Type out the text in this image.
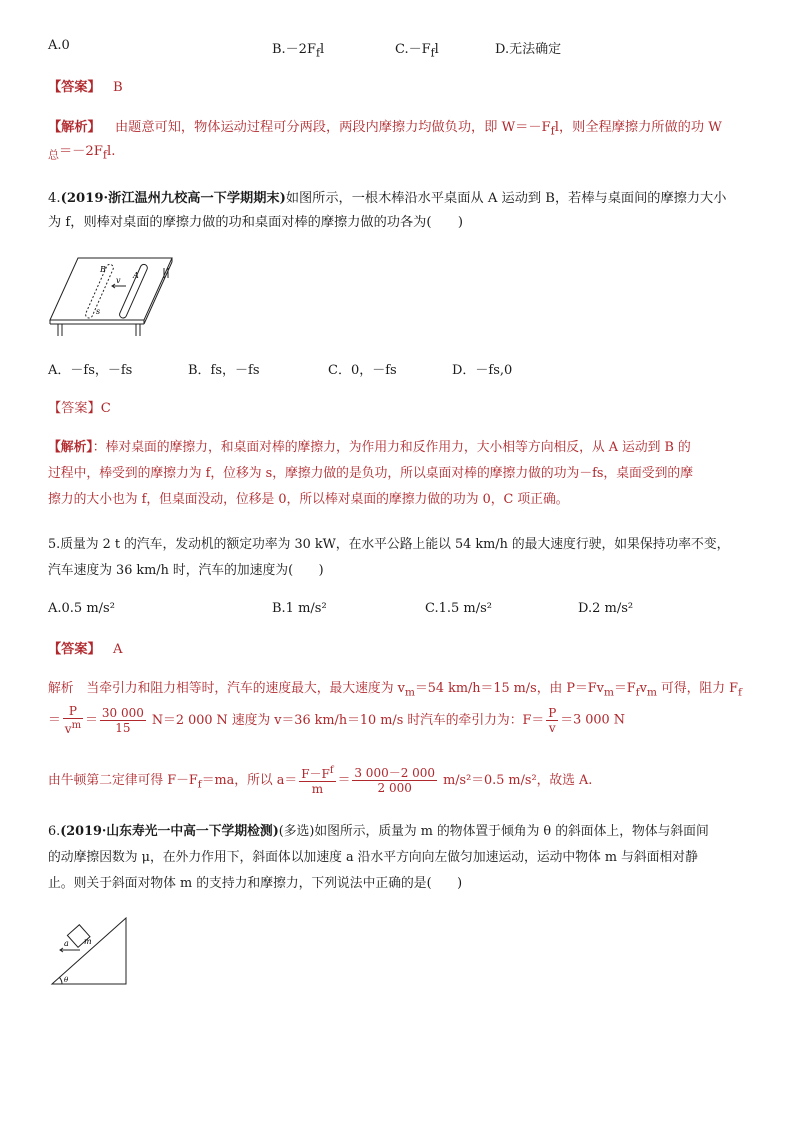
A.0	$B.-2F_fl$	$C.-F_fl$	D.无法确定
【答案】 B
【解析】 由题意可知，物体运动过程可分两段，两段内摩擦力均做负功，即 $W=-F_fl$，则全程摩擦力所做的功 W
$_总=-2F_fl$.
4.(2019·浙江温州九校高一下学期期末)如图所示，一根木棒沿水平桌面从 A 运动到 B，若棒与桌面间的摩擦力大小
为 f，则棒对桌面的摩擦力做的功和桌面对棒的摩擦力做的功各为(　　)
B
A
v
s
A．－fs，－fs	B．fs，－fs	C．0，－fs	D．－fs,0
【答案】C
【解析】：棒对桌面的摩擦力，和桌面对棒的摩擦力，为作用力和反作用力，大小相等方向相反，从 A 运动到 B 的
过程中，棒受到的摩擦力为 f，位移为 s，摩擦力做的是负功，所以桌面对棒的摩擦力做的功为－fs，桌面受到的摩
擦力的大小也为 f，但桌面没动，位移是 0，所以棒对桌面的摩擦力做的功为 0，C 项正确。
5.质量为 2 t 的汽车，发动机的额定功率为 30 kW，在水平公路上能以 54 km/h 的最大速度行驶，如果保持功率不变，
汽车速度为 36 km/h 时，汽车的加速度为(　　)
A.0.5 m/s²	B.1 m/s²	C.1.5 m/s²	D.2 m/s²
【答案】 A
解析　当牵引力和阻力相等时，汽车的速度最大，最大速度为 $v_m=54$ km/h＝15 m/s，由 $P=Fv_m=F_fv_m$ 可得，阻力 $F_f$
＝ $\frac{P}{v^m} = \frac{30 000}{15} N=2$ 000 N 速度为 v＝36 km/h＝10 m/s 时汽车的牵引力为：$F= \frac{P}{v} =3$ 000 N
由牛顿第二定律可得 $F-F_f=ma$，所以 $a= \frac{F-F^f}{m} = \frac{3 000-2 000}{2 000} m/s^2=0.5$ m/s²，故选 A.
6.(2019·山东寿光一中高一下学期检测)(多选)如图所示，质量为 m 的物体置于倾角为 θ 的斜面体上，物体与斜面间
的动摩擦因数为 μ，在外力作用下，斜面体以加速度 a 沿水平方向向左做匀加速运动，运动中物体 m 与斜面相对静
止。则关于斜面对物体 m 的支持力和摩擦力，下列说法中正确的是(　　)
a m
θ
